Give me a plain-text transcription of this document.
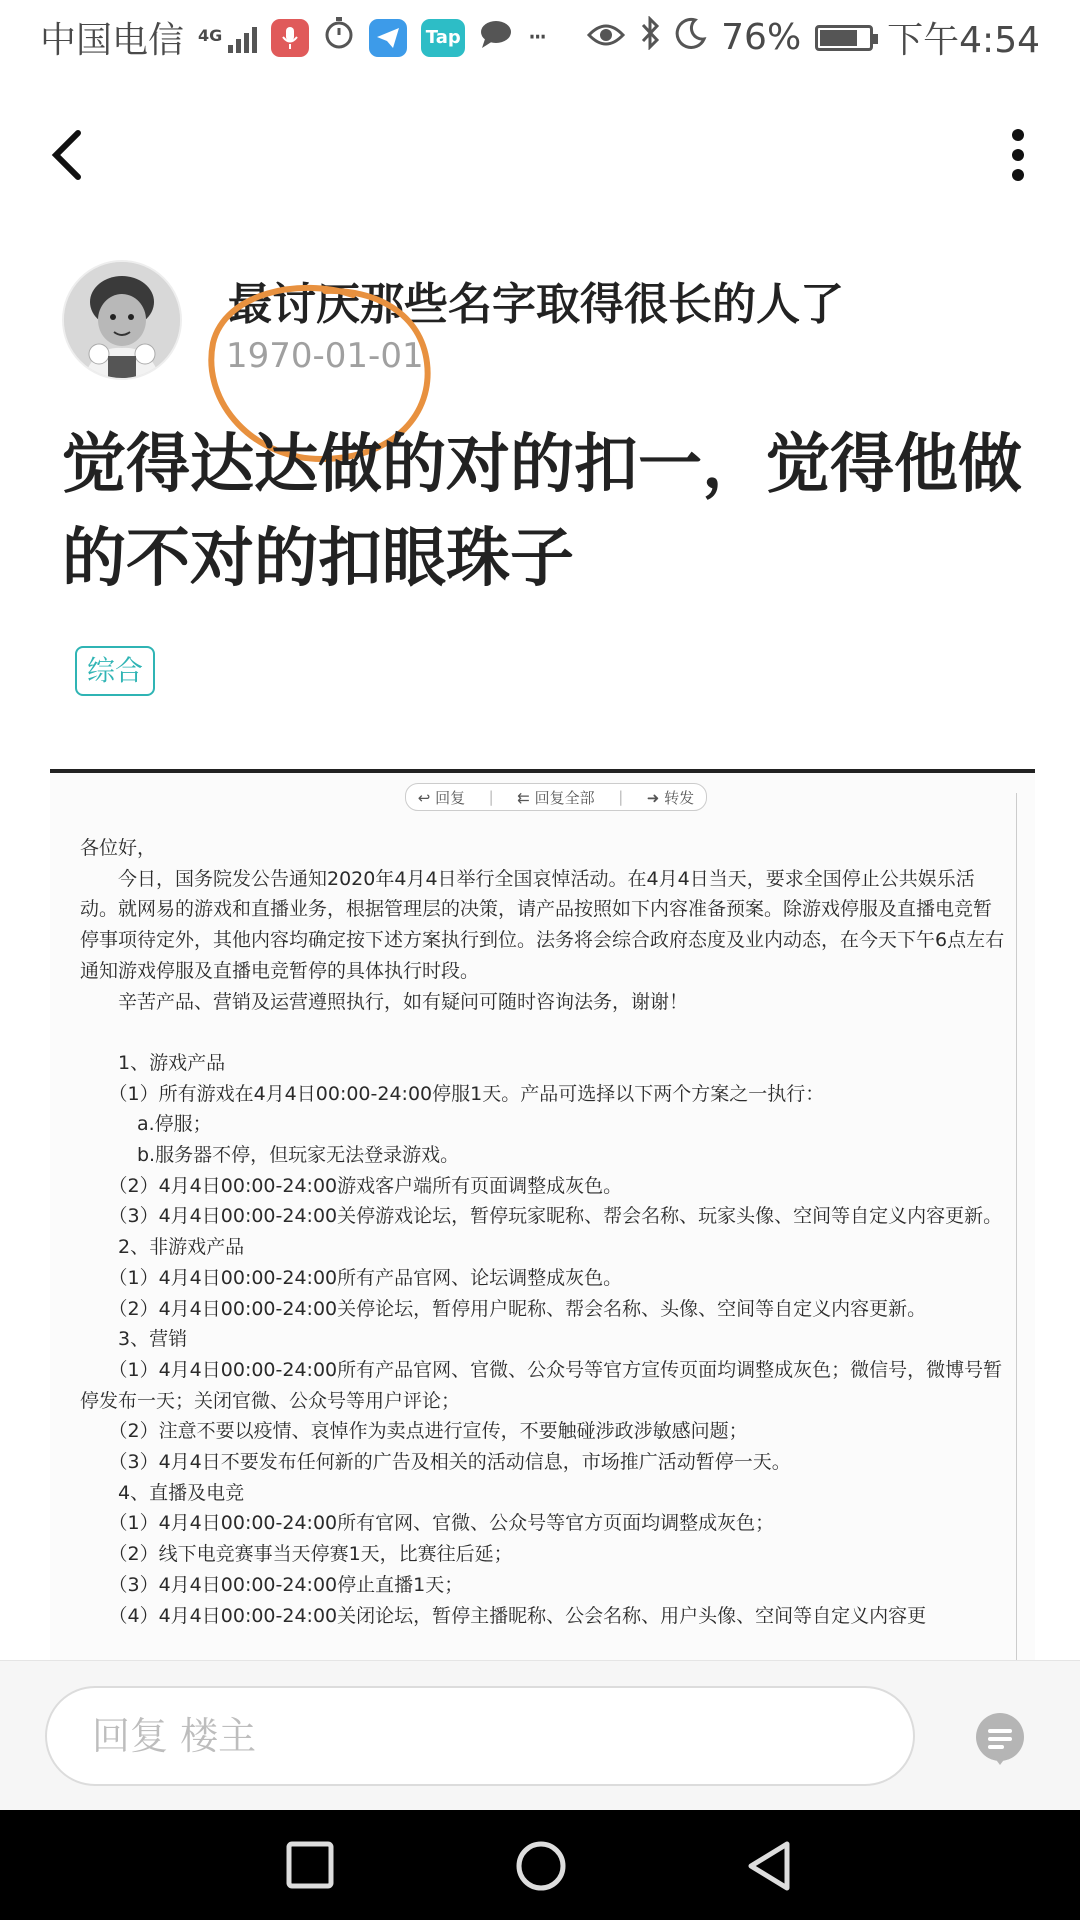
中国电信 4G	Tap ···	76% 下午4:54
最讨厌那些名字取得很长的人了
1970-01-01
觉得达达做的对的扣一，觉得他做的不对的扣眼珠子
综合
↩ 回复 | ⇇ 回复全部 | ➜ 转发

各位好，

　　今日，国务院发公告通知2020年4月4日举行全国哀悼活动。在4月4日当天，要求全国停止公共娱乐活动。就网易的游戏和直播业务，根据管理层的决策，请产品按照如下内容准备预案。除游戏停服及直播电竞暂停事项待定外，其他内容均确定按下述方案执行到位。法务将会综合政府态度及业内动态，在今天下午6点左右通知游戏停服及直播电竞暂停的具体执行时段。

　　辛苦产品、营销及运营遵照执行，如有疑问可随时咨询法务，谢谢！

　　1、游戏产品

　　（1）所有游戏在4月4日00:00-24:00停服1天。产品可选择以下两个方案之一执行：

　　　a.停服；

　　　b.服务器不停，但玩家无法登录游戏。

　　（2）4月4日00:00-24:00游戏客户端所有页面调整成灰色。

　　（3）4月4日00:00-24:00关停游戏论坛，暂停玩家昵称、帮会名称、玩家头像、空间等自定义内容更新。

　　2、非游戏产品

　　（1）4月4日00:00-24:00所有产品官网、论坛调整成灰色。

　　（2）4月4日00:00-24:00关停论坛，暂停用户昵称、帮会名称、头像、空间等自定义内容更新。

　　3、营销

　　（1）4月4日00:00-24:00所有产品官网、官微、公众号等官方宣传页面均调整成灰色；微信号，微博号暂停发布一天；关闭官微、公众号等用户评论；

　　（2）注意不要以疫情、哀悼作为卖点进行宣传，不要触碰涉政涉敏感问题；

　　（3）4月4日不要发布任何新的广告及相关的活动信息，市场推广活动暂停一天。

　　4、直播及电竞

　　（1）4月4日00:00-24:00所有官网、官微、公众号等官方页面均调整成灰色；

　　（2）线下电竞赛事当天停赛1天，比赛往后延；

　　（3）4月4日00:00-24:00停止直播1天；

　　（4）4月4日00:00-24:00关闭论坛，暂停主播昵称、公会名称、用户头像、空间等自定义内容更

回复 楼主
